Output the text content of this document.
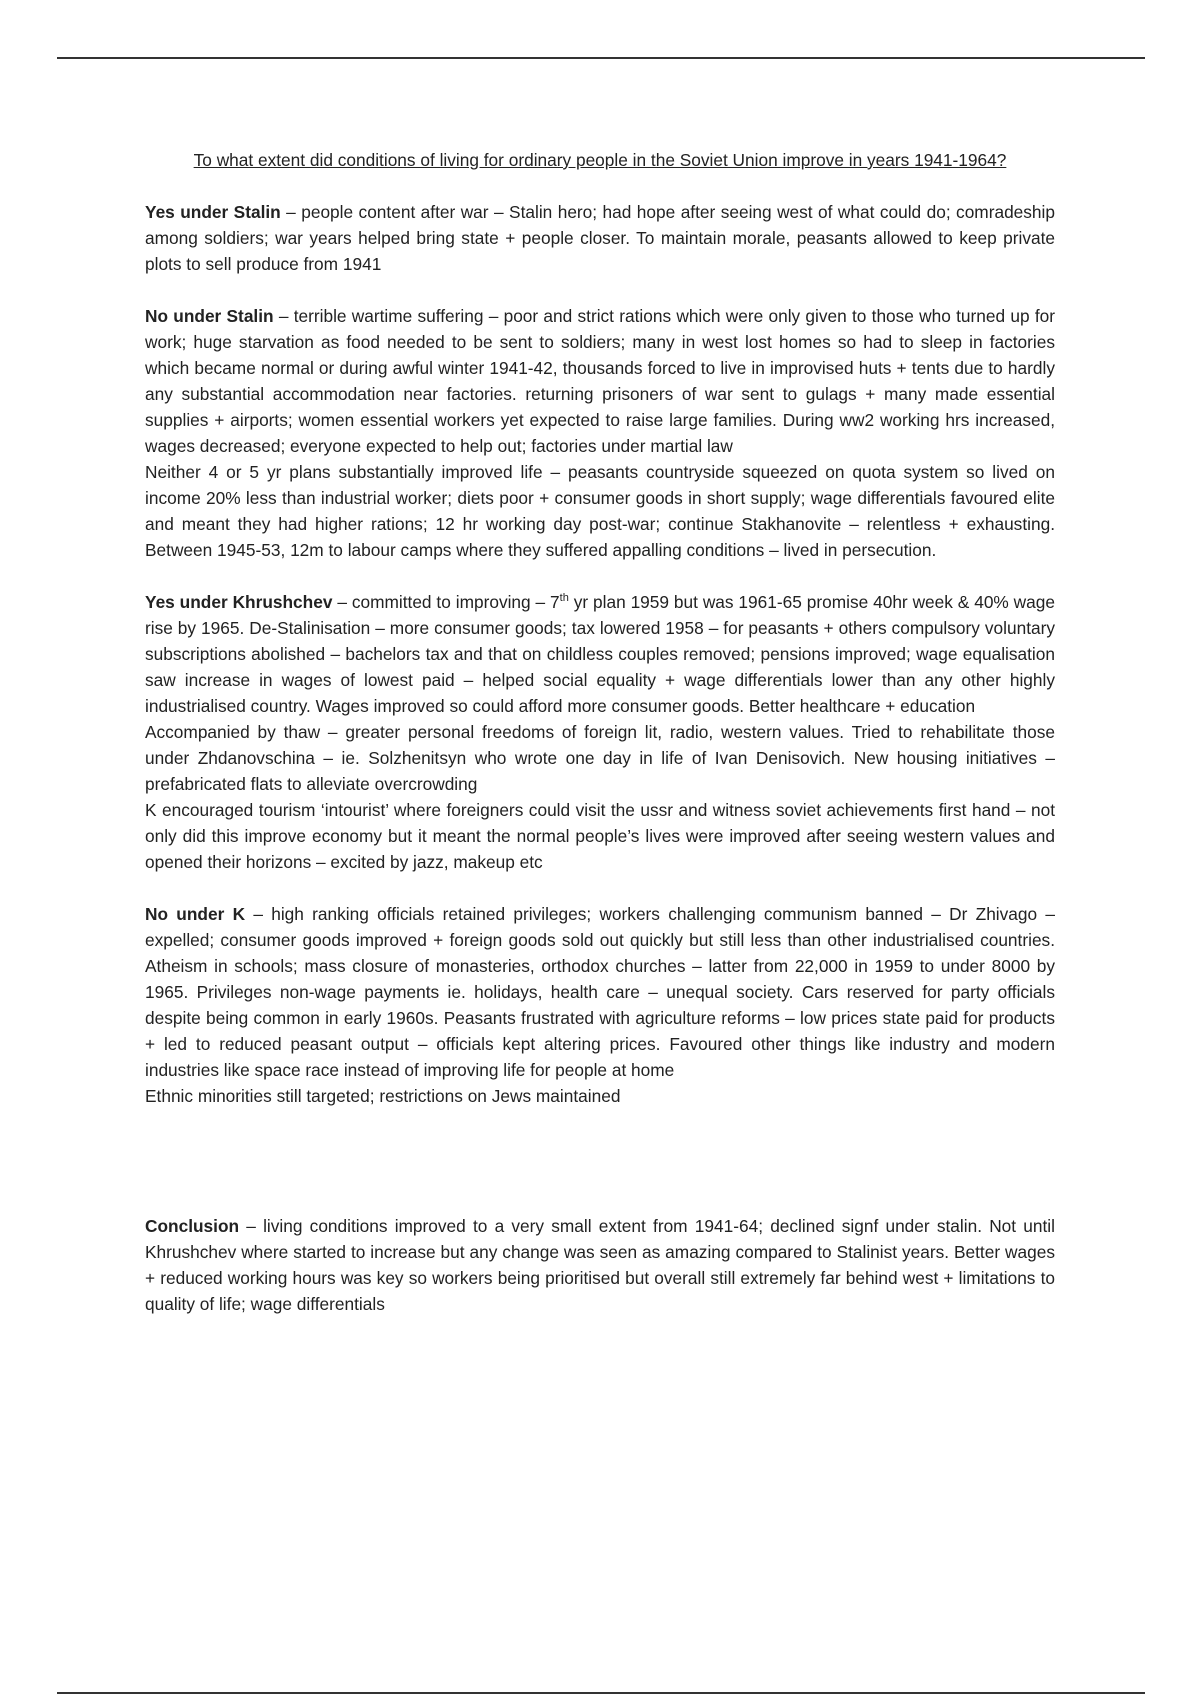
To what extent did conditions of living for ordinary people in the Soviet Union improve in years 1941-1964?

Yes under Stalin – people content after war – Stalin hero; had hope after seeing west of what could do; comradeship among soldiers; war years helped bring state + people closer. To maintain morale, peasants allowed to keep private plots to sell produce from 1941

No under Stalin – terrible wartime suffering – poor and strict rations which were only given to those who turned up for work; huge starvation as food needed to be sent to soldiers; many in west lost homes so had to sleep in factories which became normal or during awful winter 1941-42, thousands forced to live in improvised huts + tents due to hardly any substantial accommodation near factories. returning prisoners of war sent to gulags + many made essential supplies + airports; women essential workers yet expected to raise large families. During ww2 working hrs increased, wages decreased; everyone expected to help out; factories under martial law

Neither 4 or 5 yr plans substantially improved life – peasants countryside squeezed on quota system so lived on income 20% less than industrial worker; diets poor + consumer goods in short supply; wage differentials favoured elite and meant they had higher rations; 12 hr working day post-war; continue Stakhanovite – relentless + exhausting. Between 1945-53, 12m to labour camps where they suffered appalling conditions – lived in persecution.

Yes under Khrushchev – committed to improving – 7th yr plan 1959 but was 1961-65 promise 40hr week & 40% wage rise by 1965. De-Stalinisation – more consumer goods; tax lowered 1958 – for peasants + others compulsory voluntary subscriptions abolished – bachelors tax and that on childless couples removed; pensions improved; wage equalisation saw increase in wages of lowest paid – helped social equality + wage differentials lower than any other highly industrialised country. Wages improved so could afford more consumer goods. Better healthcare + education

Accompanied by thaw – greater personal freedoms of foreign lit, radio, western values. Tried to rehabilitate those under Zhdanovschina – ie. Solzhenitsyn who wrote one day in life of Ivan Denisovich. New housing initiatives – prefabricated flats to alleviate overcrowding

K encouraged tourism ‘intourist’ where foreigners could visit the ussr and witness soviet achievements first hand – not only did this improve economy but it meant the normal people’s lives were improved after seeing western values and opened their horizons – excited by jazz, makeup etc

No under K – high ranking officials retained privileges; workers challenging communism banned – Dr Zhivago – expelled; consumer goods improved + foreign goods sold out quickly but still less than other industrialised countries. Atheism in schools; mass closure of monasteries, orthodox churches – latter from 22,000 in 1959 to under 8000 by 1965. Privileges non-wage payments ie. holidays, health care – unequal society. Cars reserved for party officials despite being common in early 1960s. Peasants frustrated with agriculture reforms – low prices state paid for products + led to reduced peasant output – officials kept altering prices. Favoured other things like industry and modern industries like space race instead of improving life for people at home

Ethnic minorities still targeted; restrictions on Jews maintained

Conclusion – living conditions improved to a very small extent from 1941-64; declined signf under stalin. Not until Khrushchev where started to increase but any change was seen as amazing compared to Stalinist years. Better wages + reduced working hours was key so workers being prioritised but overall still extremely far behind west + limitations to quality of life; wage differentials
